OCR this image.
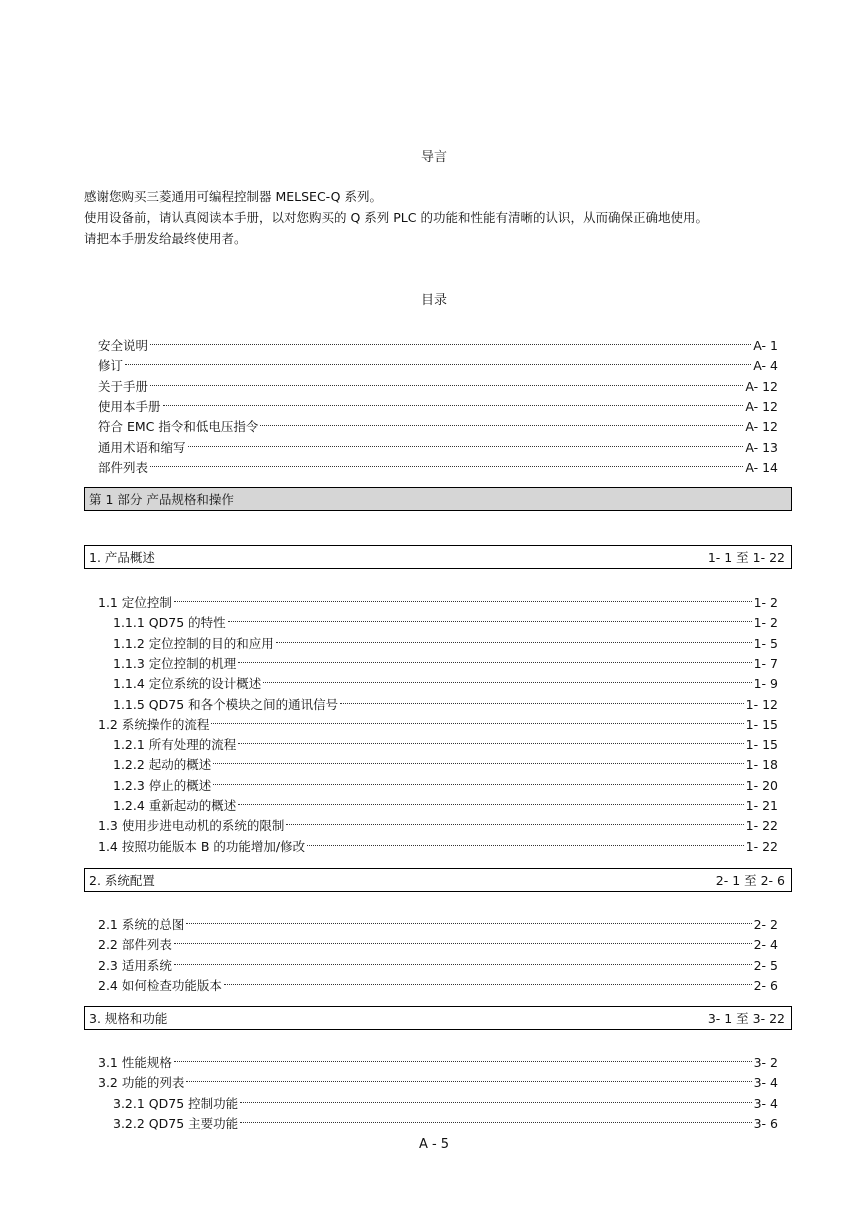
导言

感谢您购买三菱通用可编程控制器 MELSEC-Q 系列。

使用设备前，请认真阅读本手册，以对您购买的 Q 系列 PLC 的功能和性能有清晰的认识，从而确保正确地使用。

请把本手册发给最终使用者。

目录
安全说明	A- 1
修订	A- 4
关于手册	A- 12
使用本手册	A- 12
符合 EMC 指令和低电压指令	A- 12
通用术语和缩写	A- 13
部件列表	A- 14
第 1 部分 产品规格和操作
1. 产品概述	1- 1 至 1- 22
1.1 定位控制	1- 2
1.1.1 QD75 的特性	1- 2
1.1.2 定位控制的目的和应用	1- 5
1.1.3 定位控制的机理	1- 7
1.1.4 定位系统的设计概述	1- 9
1.1.5 QD75 和各个模块之间的通讯信号	1- 12
1.2 系统操作的流程	1- 15
1.2.1 所有处理的流程	1- 15
1.2.2 起动的概述	1- 18
1.2.3 停止的概述	1- 20
1.2.4 重新起动的概述	1- 21
1.3 使用步进电动机的系统的限制	1- 22
1.4 按照功能版本 B 的功能增加/修改	1- 22
2. 系统配置	2- 1 至 2- 6
2.1 系统的总图	2- 2
2.2 部件列表	2- 4
2.3 适用系统	2- 5
2.4 如何检查功能版本	2- 6
3. 规格和功能	3- 1 至 3- 22
3.1 性能规格	3- 2
3.2 功能的列表	3- 4
3.2.1 QD75 控制功能	3- 4
3.2.2 QD75 主要功能	3- 6
A - 5
